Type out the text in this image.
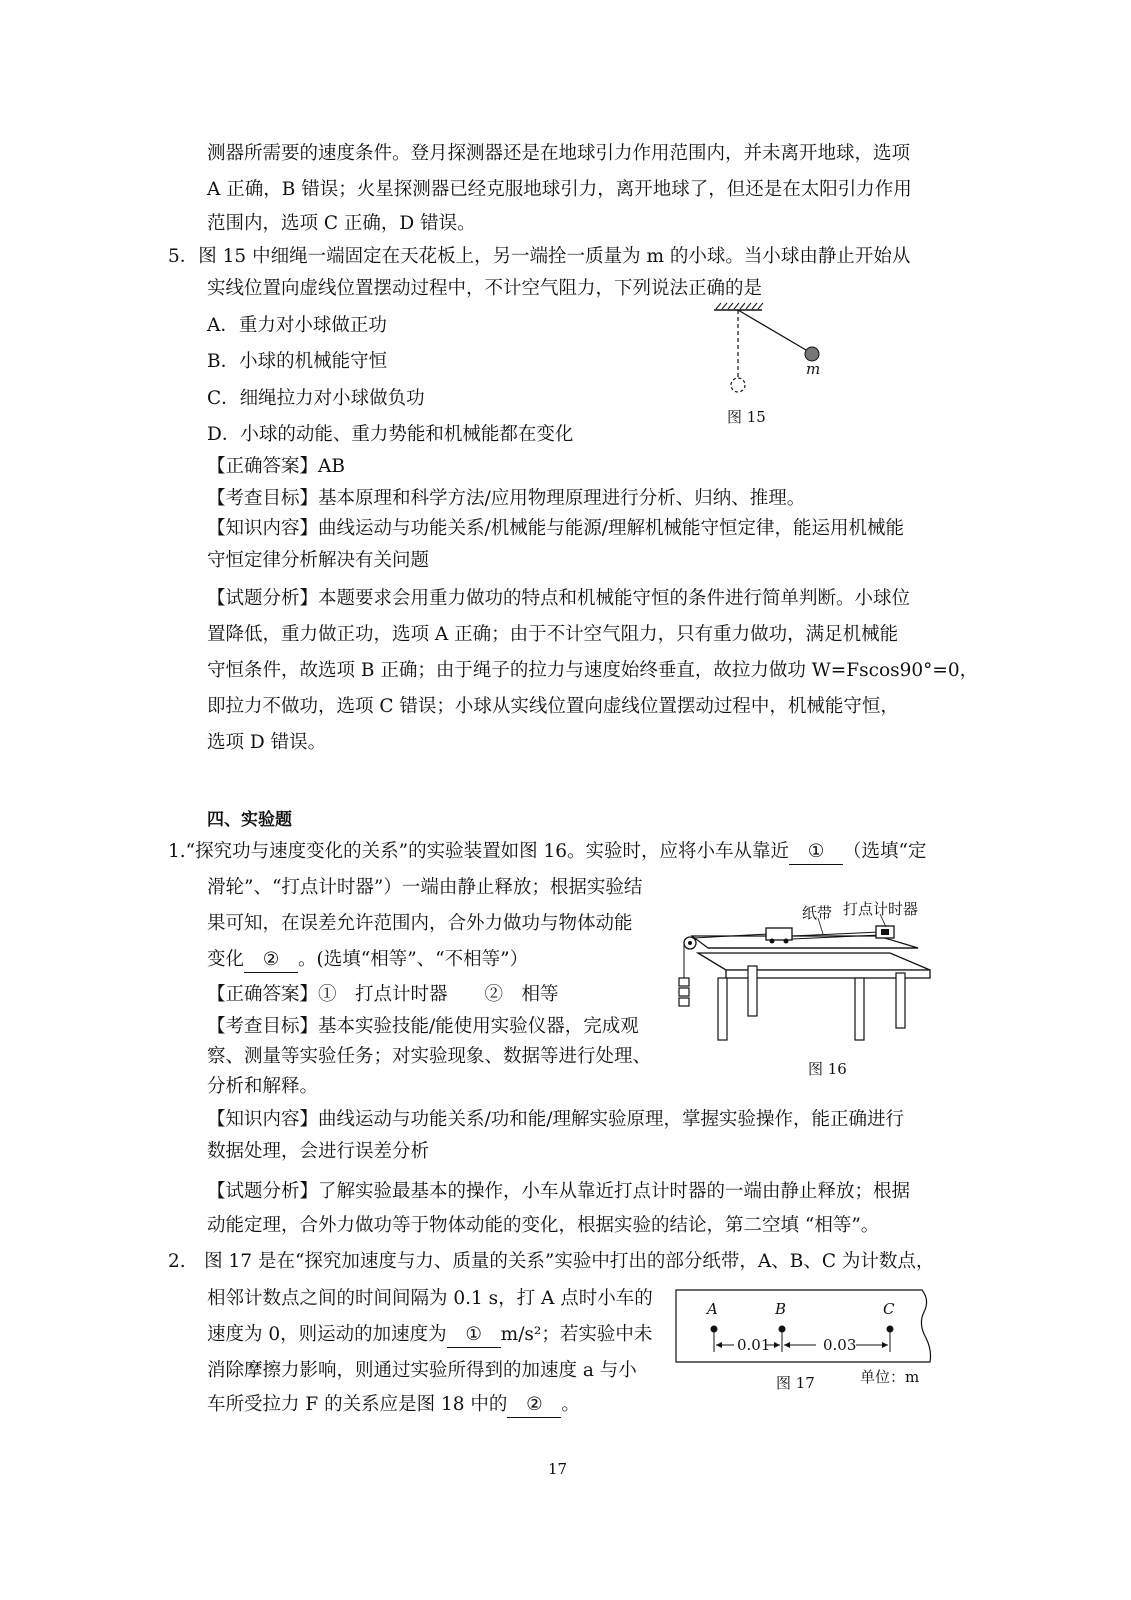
测器所需要的速度条件。登月探测器还是在地球引力作用范围内，并未离开地球，选项
A 正确，B 错误；火星探测器已经克服地球引力，离开地球了，但还是在太阳引力作用
范围内，选项 C 正确，D 错误。
5．图 15 中细绳一端固定在天花板上，另一端拴一质量为 m 的小球。当小球由静止开始从
实线位置向虚线位置摆动过程中，不计空气阻力，下列说法正确的是
A．重力对小球做正功
B．小球的机械能守恒
C．细绳拉力对小球做负功
D．小球的动能、重力势能和机械能都在变化
m
图 15
【正确答案】AB
【考查目标】基本原理和科学方法/应用物理原理进行分析、归纳、推理。
【知识内容】曲线运动与功能关系/机械能与能源/理解机械能守恒定律，能运用机械能
守恒定律分析解决有关问题
【试题分析】本题要求会用重力做功的特点和机械能守恒的条件进行简单判断。小球位
置降低，重力做正功，选项 A 正确；由于不计空气阻力，只有重力做功，满足机械能
守恒条件，故选项 B 正确；由于绳子的拉力与速度始终垂直，故拉力做功 W=Fscos90°=0，
即拉力不做功，选项 C 错误；小球从实线位置向虚线位置摆动过程中，机械能守恒，
选项 D 错误。
四、实验题
1.“探究功与速度变化的关系”的实验装置如图 16。实验时，应将小车从靠近 ① （选填“定
滑轮”、“打点计时器”）一端由静止释放；根据实验结
果可知，在误差允许范围内，合外力做功与物体动能
变化 ② 。(选填“相等”、“不相等”）
【正确答案】①　打点计时器　　②　相等
【考查目标】基本实验技能/能使用实验仪器，完成观
察、测量等实验任务；对实验现象、数据等进行处理、
分析和解释。
【知识内容】曲线运动与功能关系/功和能/理解实验原理，掌握实验操作，能正确进行
数据处理，会进行误差分析
【试题分析】了解实验最基本的操作，小车从靠近打点计时器的一端由静止释放；根据
动能定理，合外力做功等于物体动能的变化，根据实验的结论，第二空填 “相等”。
纸带 打点计时器
图 16
2.　图 17 是在“探究加速度与力、质量的关系”实验中打出的部分纸带，A、B、C 为计数点，
相邻计数点之间的时间间隔为 0.1 s，打 A 点时小车的
速度为 0，则运动的加速度为 ① m/s²；若实验中未
消除摩擦力影响，则通过实验所得到的加速度 a 与小
车所受拉力 F 的关系应是图 18 中的 ② 。
A	B	C
0.01	0.03
图 17	单位：m
17
